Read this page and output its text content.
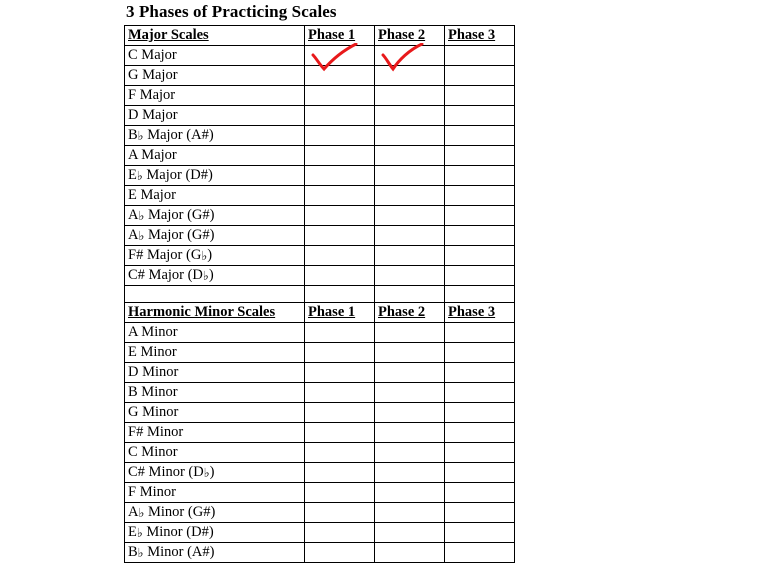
3 Phases of Practicing Scales
Major Scales	Phase 1	Phase 2	Phase 3
C Major			
G Major			
F Major			
D Major			
B♭ Major (A#)			
A Major			
E♭ Major (D#)			
E Major			
A♭ Major (G#)			
A♭ Major (G#)			
F# Major (G♭)			
C# Major (D♭)			

Harmonic Minor Scales	Phase 1	Phase 2	Phase 3
A Minor			
E Minor			
D Minor			
B Minor			
G Minor			
F# Minor			
C Minor			
C# Minor (D♭)			
F Minor			
A♭ Minor (G#)			
E♭ Minor (D#)			
B♭ Minor (A#)			
